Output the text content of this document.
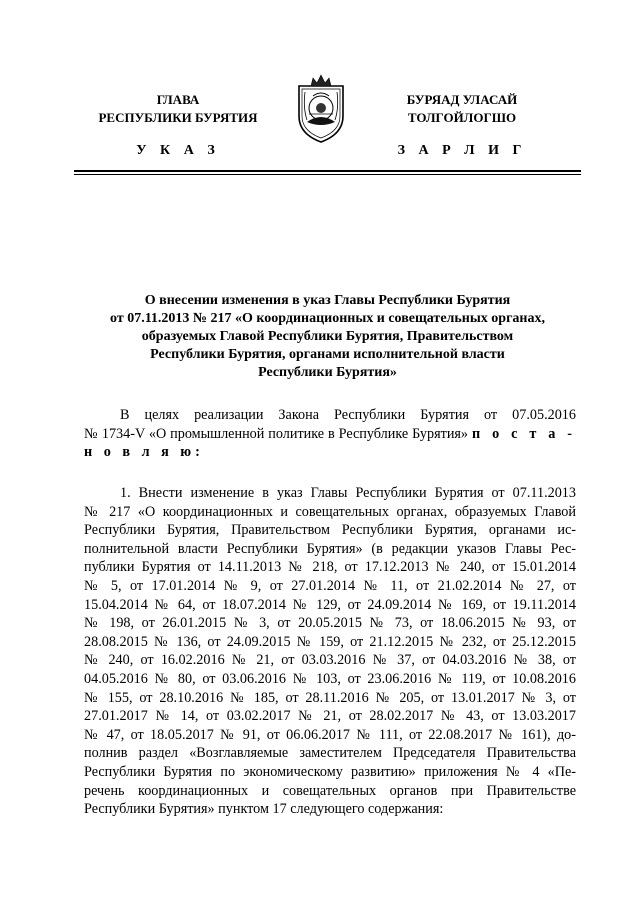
ГЛАВА
РЕСПУБЛИКИ БУРЯТИЯ
БУРЯАД УЛАСАЙ
ТОЛГОЙЛОГШО
У К А З	З А Р Л И Г
О внесении изменения в указ Главы Республики Бурятия
от 07.11.2013 № 217 «О координационных и совещательных органах,
образуемых Главой Республики Бурятия, Правительством
Республики Бурятия, органами исполнительной власти
Республики Бурятия»
В целях реализации Закона Республики Бурятия от 07.05.2016
№ 1734-V «О промышленной политике в Республике Бурятия» п о с т а -
н о в л я ю:
1. Внести изменение в указ Главы Республики Бурятия от 07.11.2013
№ 217 «О координационных и совещательных органах, образуемых Главой
Республики Бурятия, Правительством Республики Бурятия, органами ис-
полнительной власти Республики Бурятия» (в редакции указов Главы Рес-
публики Бурятия от 14.11.2013 № 218, от 17.12.2013 № 240, от 15.01.2014
№ 5, от 17.01.2014 № 9, от 27.01.2014 № 11, от 21.02.2014 № 27, от
15.04.2014 № 64, от 18.07.2014 № 129, от 24.09.2014 № 169, от 19.11.2014
№ 198, от 26.01.2015 № 3, от 20.05.2015 № 73, от 18.06.2015 № 93, от
28.08.2015 № 136, от 24.09.2015 № 159, от 21.12.2015 № 232, от 25.12.2015
№ 240, от 16.02.2016 № 21, от 03.03.2016 № 37, от 04.03.2016 № 38, от
04.05.2016 № 80, от 03.06.2016 № 103, от 23.06.2016 № 119, от 10.08.2016
№ 155, от 28.10.2016 № 185, от 28.11.2016 № 205, от 13.01.2017 № 3, от
27.01.2017 № 14, от 03.02.2017 № 21, от 28.02.2017 № 43, от 13.03.2017
№ 47, от 18.05.2017 № 91, от 06.06.2017 № 111, от 22.08.2017 № 161), до-
полнив раздел «Возглавляемые заместителем Председателя Правительства
Республики Бурятия по экономическому развитию» приложения № 4 «Пе-
речень координационных и совещательных органов при Правительстве
Республики Бурятия» пунктом 17 следующего содержания:
